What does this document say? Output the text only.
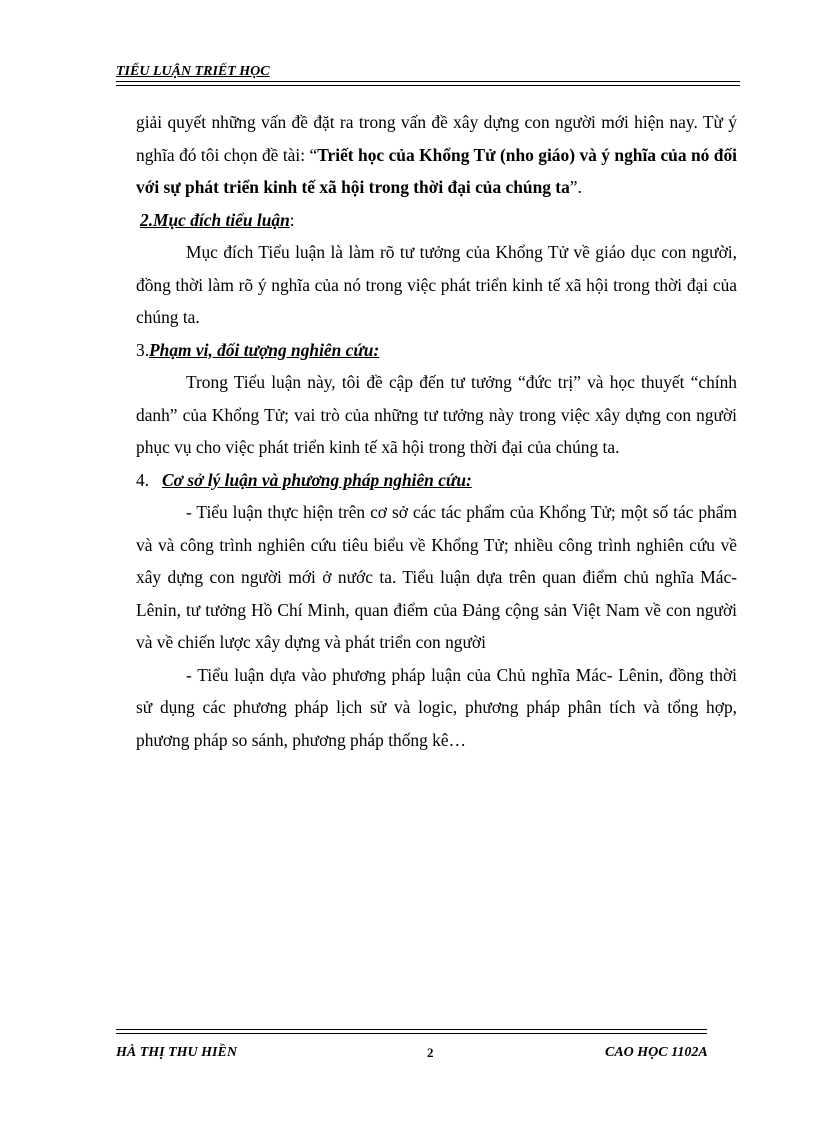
TIỂU LUẬN TRIẾT HỌC

giải quyết những vấn đề đặt ra trong vấn đề xây dựng con người mới hiện nay. Từ ý nghĩa đó tôi chọn đề tài: “Triết học của Khổng Tử (nho giáo) và ý nghĩa của nó đối với sự phát triển kinh tế xã hội trong thời đại của chúng ta”.

2.Mục đích tiểu luận:

Mục đích Tiểu luận là làm rõ tư tưởng của Khổng Tử về giáo dục con người, đồng thời làm rõ ý nghĩa của nó trong việc phát triển kinh tế xã hội trong thời đại của chúng ta.

3.Phạm vi, đối tượng nghiên cứu:

Trong Tiểu luận này, tôi đề cập đến tư tưởng “đức trị” và học thuyết “chính danh” của Khổng Tử; vai trò của những tư tưởng này trong việc xây dựng con người phục vụ cho việc phát triển kinh tế xã hội trong thời đại của chúng ta.

4. Cơ sở lý luận và phương pháp nghiên cứu:

- Tiểu luận thực hiện trên cơ sở các tác phẩm của Khổng Tử; một số tác phẩm và và công trình nghiên cứu tiêu biểu về Khổng Tử; nhiều công trình nghiên cứu về xây dựng con người mới ở nước ta. Tiểu luận dựa trên quan điểm chủ nghĩa Mác- Lênin, tư tưởng Hồ Chí Minh, quan điểm của Đảng cộng sản Việt Nam về con người và về chiến lược xây dựng và phát triển con người

- Tiểu luận dựa vào phương pháp luận của Chủ nghĩa Mác- Lênin, đồng thời sử dụng các phương pháp lịch sử và logic, phương pháp phân tích và tổng hợp, phương pháp so sánh, phương pháp thống kê…

HÀ THỊ THU HIỀN	2	CAO HỌC 1102A
